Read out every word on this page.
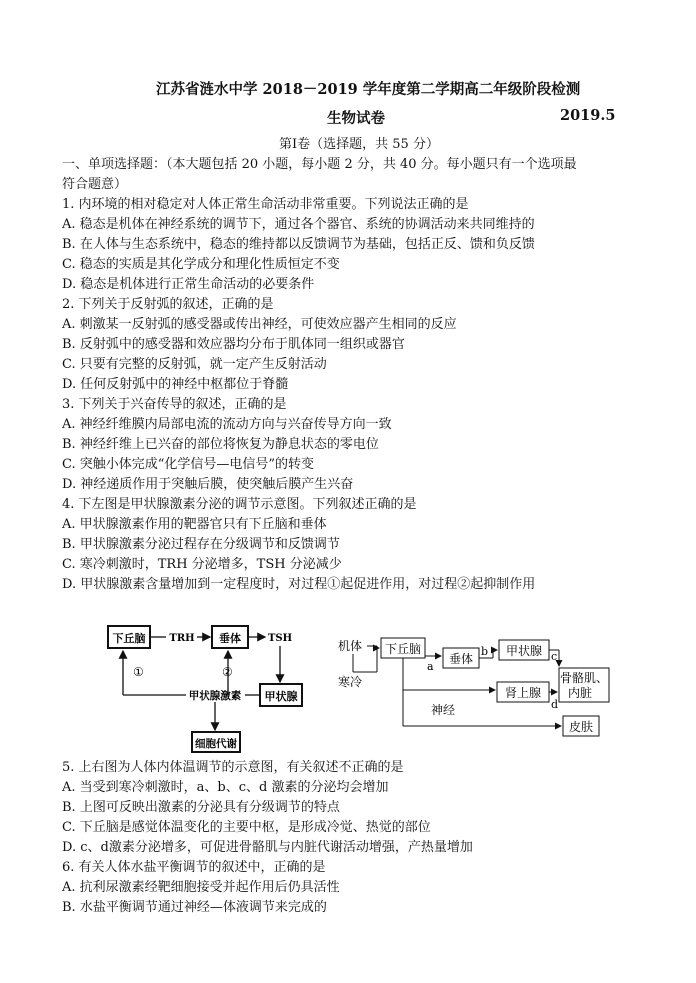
江苏省涟水中学 2018－2019 学年度第二学期高二年级阶段检测
生物试卷	2019.5
第Ⅰ卷（选择题，共 55 分）
一、单项选择题：（本大题包括 20 小题，每小题 2 分，共 40 分。每小题只有一个选项最
符合题意）
1. 内环境的相对稳定对人体正常生命活动非常重要。下列说法正确的是
A. 稳态是机体在神经系统的调节下，通过各个器官、系统的协调活动来共同维持的
B. 在人体与生态系统中，稳态的维持都以反馈调节为基础，包括正反、馈和负反馈
C. 稳态的实质是其化学成分和理化性质恒定不变
D. 稳态是机体进行正常生命活动的必要条件
2. 下列关于反射弧的叙述，正确的是
A. 刺激某一反射弧的感受器或传出神经，可使效应器产生相同的反应
B. 反射弧中的感受器和效应器均分布于肌体同一组织或器官
C. 只要有完整的反射弧，就一定产生反射活动
D. 任何反射弧中的神经中枢都位于脊髓
3. 下列关于兴奋传导的叙述，正确的是
A. 神经纤维膜内局部电流的流动方向与兴奋传导方向一致
B. 神经纤维上已兴奋的部位将恢复为静息状态的零电位
C. 突触小体完成“化学信号—电信号”的转变
D. 神经递质作用于突触后膜，使突触后膜产生兴奋
4. 下左图是甲状腺激素分泌的调节示意图。下列叙述正确的是
A. 甲状腺激素作用的靶器官只有下丘脑和垂体
B. 甲状腺激素分泌过程存在分级调节和反馈调节
C. 寒冷刺激时，TRH 分泌增多，TSH 分泌减少
D. 甲状腺激素含量增加到一定程度时，对过程①起促进作用，对过程②起抑制作用
下丘脑 TRH 垂体	TSH
甲状腺
甲状腺激素
①	②
细胞代谢
机体
寒冷
下丘脑
a
垂体
b 甲状腺 c
骨骼肌、
内脏
神经
肾上腺
d
皮肤
5. 上右图为人体内体温调节的示意图，有关叙述不正确的是
A. 当受到寒冷刺激时，a、b、c、d 激素的分泌均会增加
B. 上图可反映出激素的分泌具有分级调节的特点
C. 下丘脑是感觉体温变化的主要中枢，是形成冷觉、热觉的部位
D. c、d激素分泌增多，可促进骨骼肌与内脏代谢活动增强，产热量增加
6. 有关人体水盐平衡调节的叙述中，正确的是
A. 抗利尿激素经靶细胞接受并起作用后仍具活性
B. 水盐平衡调节通过神经—体液调节来完成的
